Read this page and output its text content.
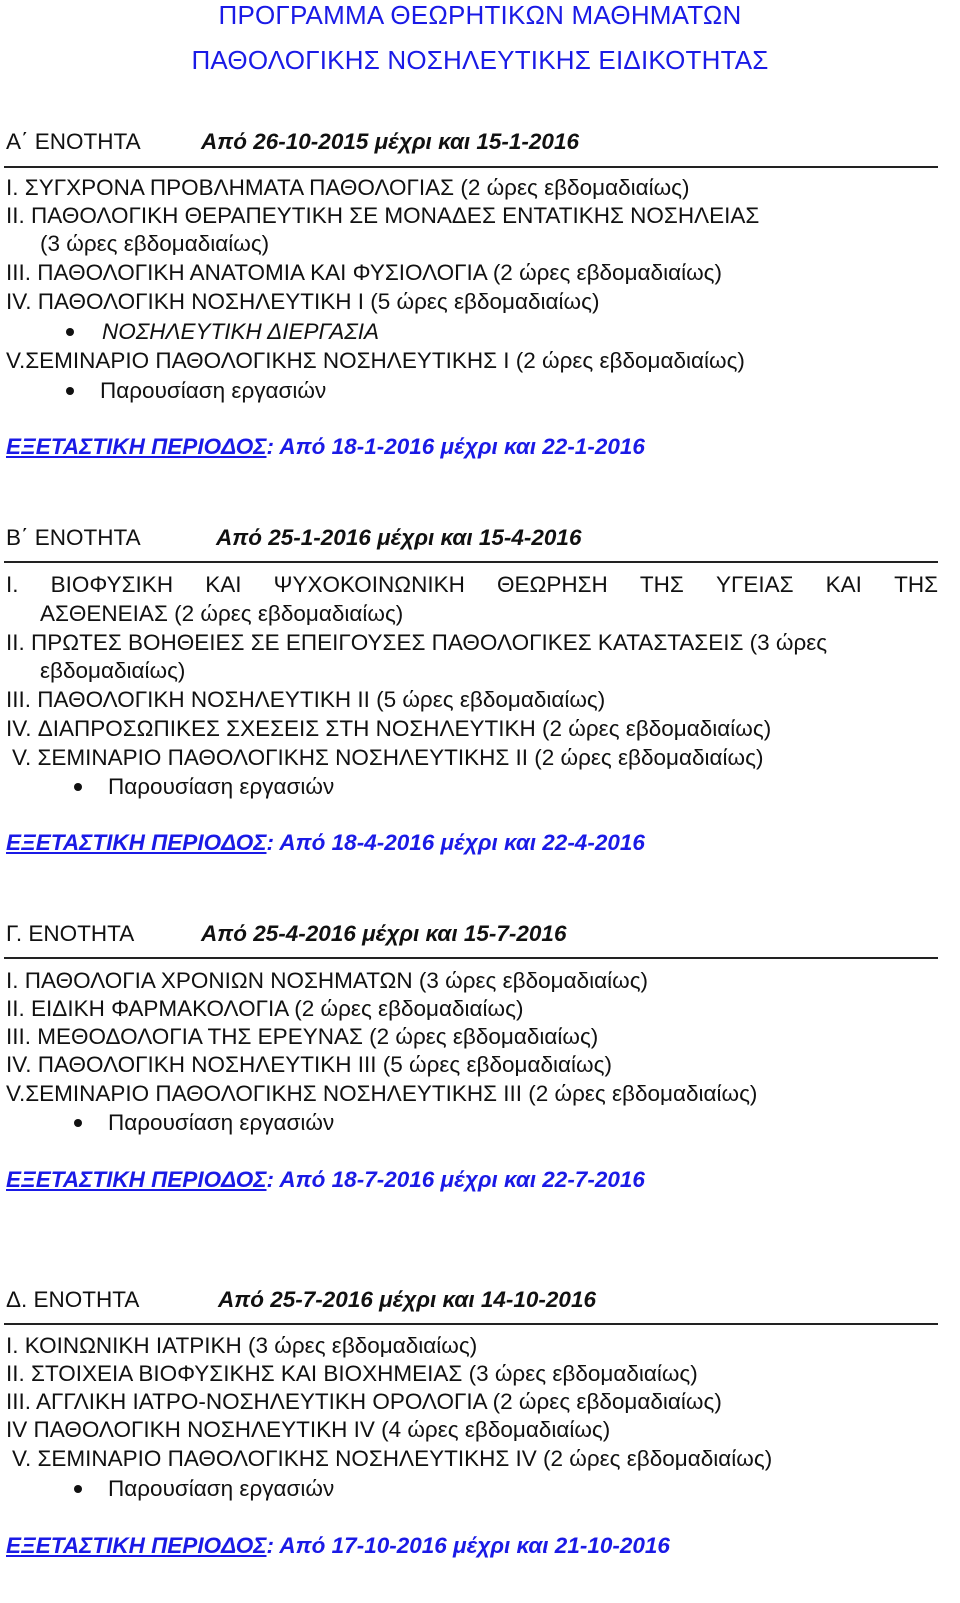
ΠΡΟΓΡΑΜΜΑ ΘΕΩΡΗΤΙΚΩΝ ΜΑΘΗΜΑΤΩΝ
ΠΑΘΟΛΟΓΙΚΗΣ ΝΟΣΗΛΕΥΤΙΚΗΣ ΕΙΔΙΚΟΤΗΤΑΣ
Α΄ ΕΝΟΤΗΤΑ	Από 26-10-2015 μέχρι και 15-1-2016
Ι. ΣΥΓΧΡΟΝΑ ΠΡΟΒΛΗΜΑΤΑ ΠΑΘΟΛΟΓΙΑΣ (2 ώρες εβδομαδιαίως)
ΙΙ. ΠΑΘΟΛΟΓΙΚΗ ΘΕΡΑΠΕΥΤΙΚΗ ΣΕ ΜΟΝΑΔΕΣ ΕΝΤΑΤΙΚΗΣ ΝΟΣΗΛΕΙΑΣ
(3 ώρες εβδομαδιαίως)
ΙΙΙ. ΠΑΘΟΛΟΓΙΚΗ ΑΝΑΤΟΜΙΑ ΚΑΙ ΦΥΣΙΟΛΟΓΙΑ (2 ώρες εβδομαδιαίως)
IV. ΠΑΘΟΛΟΓΙΚΗ ΝΟΣΗΛΕΥΤΙΚΗ Ι (5 ώρες εβδομαδιαίως)
ΝΟΣΗΛΕΥΤΙΚΗ ΔΙΕΡΓΑΣΙΑ
V.ΣΕΜΙΝΑΡΙΟ ΠΑΘΟΛΟΓΙΚΗΣ ΝΟΣΗΛΕΥΤΙΚΗΣ Ι (2 ώρες εβδομαδιαίως)
Παρουσίαση εργασιών
ΕΞΕΤΑΣΤΙΚΗ ΠΕΡΙΟΔΟΣ: Από 18-1-2016 μέχρι και 22-1-2016
Β΄ ΕΝΟΤΗΤΑ	Από 25-1-2016 μέχρι και 15-4-2016
Ι. ΒΙΟΦΥΣΙΚΗ ΚΑΙ ΨΥΧΟΚΟΙΝΩΝΙΚΗ ΘΕΩΡΗΣΗ ΤΗΣ ΥΓΕΙΑΣ ΚΑΙ ΤΗΣ
ΑΣΘΕΝΕΙΑΣ (2 ώρες εβδομαδιαίως)
ΙΙ. ΠΡΩΤΕΣ ΒΟΗΘΕΙΕΣ ΣΕ ΕΠΕΙΓΟΥΣΕΣ ΠΑΘΟΛΟΓΙΚΕΣ ΚΑΤΑΣΤΑΣΕΙΣ (3 ώρες
εβδομαδιαίως)
ΙΙΙ. ΠΑΘΟΛΟΓΙΚΗ ΝΟΣΗΛΕΥΤΙΚΗ ΙΙ (5 ώρες εβδομαδιαίως)
IV. ΔΙΑΠΡΟΣΩΠΙΚΕΣ ΣΧΕΣΕΙΣ ΣΤΗ ΝΟΣΗΛΕΥΤΙΚΗ (2 ώρες εβδομαδιαίως)
V. ΣΕΜΙΝΑΡΙΟ ΠΑΘΟΛΟΓΙΚΗΣ ΝΟΣΗΛΕΥΤΙΚΗΣ ΙΙ (2 ώρες εβδομαδιαίως)
Παρουσίαση εργασιών
ΕΞΕΤΑΣΤΙΚΗ ΠΕΡΙΟΔΟΣ: Από 18-4-2016 μέχρι και 22-4-2016
Γ. ΕΝΟΤΗΤΑ	Από 25-4-2016 μέχρι και 15-7-2016
Ι. ΠΑΘΟΛΟΓΙΑ ΧΡΟΝΙΩΝ ΝΟΣΗΜΑΤΩΝ (3 ώρες εβδομαδιαίως)
ΙΙ. ΕΙΔΙΚΗ ΦΑΡΜΑΚΟΛΟΓΙΑ (2 ώρες εβδομαδιαίως)
ΙΙΙ. ΜΕΘΟΔΟΛΟΓΙΑ ΤΗΣ ΕΡΕΥΝΑΣ (2 ώρες εβδομαδιαίως)
IV. ΠΑΘΟΛΟΓΙΚΗ ΝΟΣΗΛΕΥΤΙΚΗ ΙΙΙ (5 ώρες εβδομαδιαίως)
V.ΣΕΜΙΝΑΡΙΟ ΠΑΘΟΛΟΓΙΚΗΣ ΝΟΣΗΛΕΥΤΙΚΗΣ ΙΙΙ (2 ώρες εβδομαδιαίως)
Παρουσίαση εργασιών
ΕΞΕΤΑΣΤΙΚΗ ΠΕΡΙΟΔΟΣ: Από 18-7-2016 μέχρι και 22-7-2016
Δ. ΕΝΟΤΗΤΑ	Από 25-7-2016 μέχρι και 14-10-2016
Ι. ΚΟΙΝΩΝΙΚΗ ΙΑΤΡΙΚΗ (3 ώρες εβδομαδιαίως)
ΙΙ. ΣΤΟΙΧΕΙΑ ΒΙΟΦΥΣΙΚΗΣ ΚΑΙ ΒΙΟΧΗΜΕΙΑΣ (3 ώρες εβδομαδιαίως)
ΙΙΙ. ΑΓΓΛΙΚΗ ΙΑΤΡΟ-ΝΟΣΗΛΕΥΤΙΚΗ ΟΡΟΛΟΓΙΑ (2 ώρες εβδομαδιαίως)
IV ΠΑΘΟΛΟΓΙΚΗ ΝΟΣΗΛΕΥΤΙΚΗ IV (4 ώρες εβδομαδιαίως)
V. ΣΕΜΙΝΑΡΙΟ ΠΑΘΟΛΟΓΙΚΗΣ ΝΟΣΗΛΕΥΤΙΚΗΣ IV (2 ώρες εβδομαδιαίως)
Παρουσίαση εργασιών
ΕΞΕΤΑΣΤΙΚΗ ΠΕΡΙΟΔΟΣ: Από 17-10-2016 μέχρι και 21-10-2016
